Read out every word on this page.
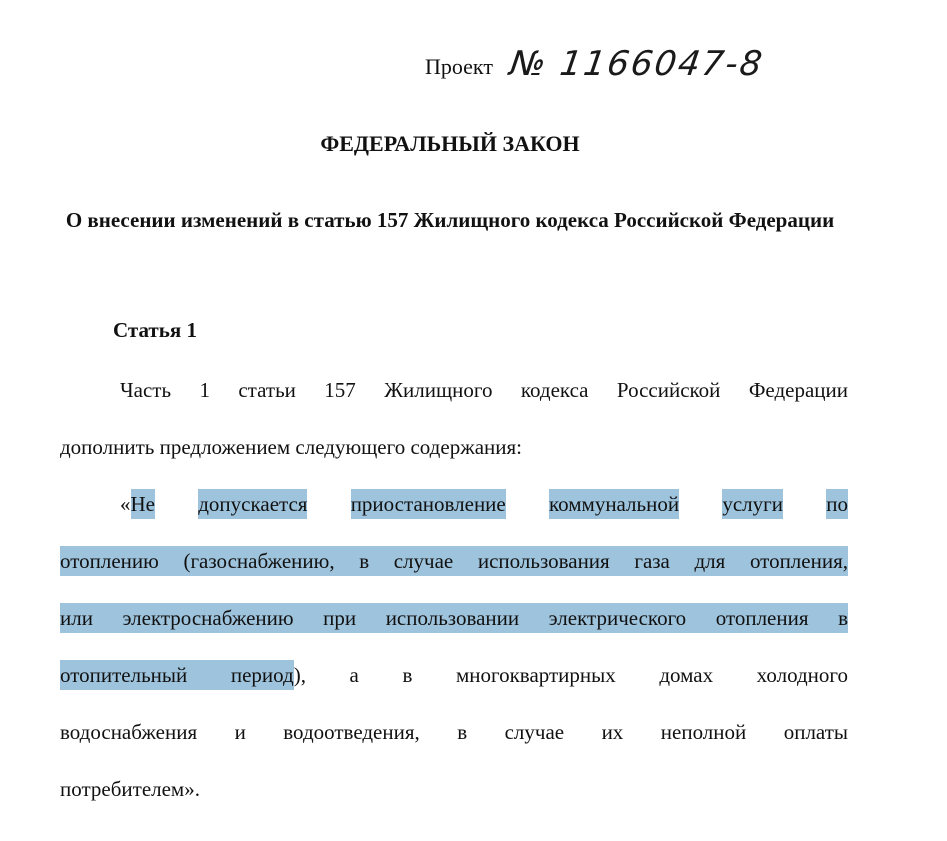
Проект № 1166047-8
ФЕДЕРАЛЬНЫЙ ЗАКОН
О внесении изменений в статью 157 Жилищного кодекса Российской Федерации
Статья 1
Часть 1 статьи 157 Жилищного кодекса Российской Федерации
дополнить предложением следующего содержания:
«Не допускается приостановление коммунальной услуги по
отоплению (газоснабжению, в случае использования газа для отопления,
или электроснабжению при использовании электрического отопления в
отопительный период), а в многоквартирных домах холодного
водоснабжения и водоотведения, в случае их неполной оплаты
потребителем».
